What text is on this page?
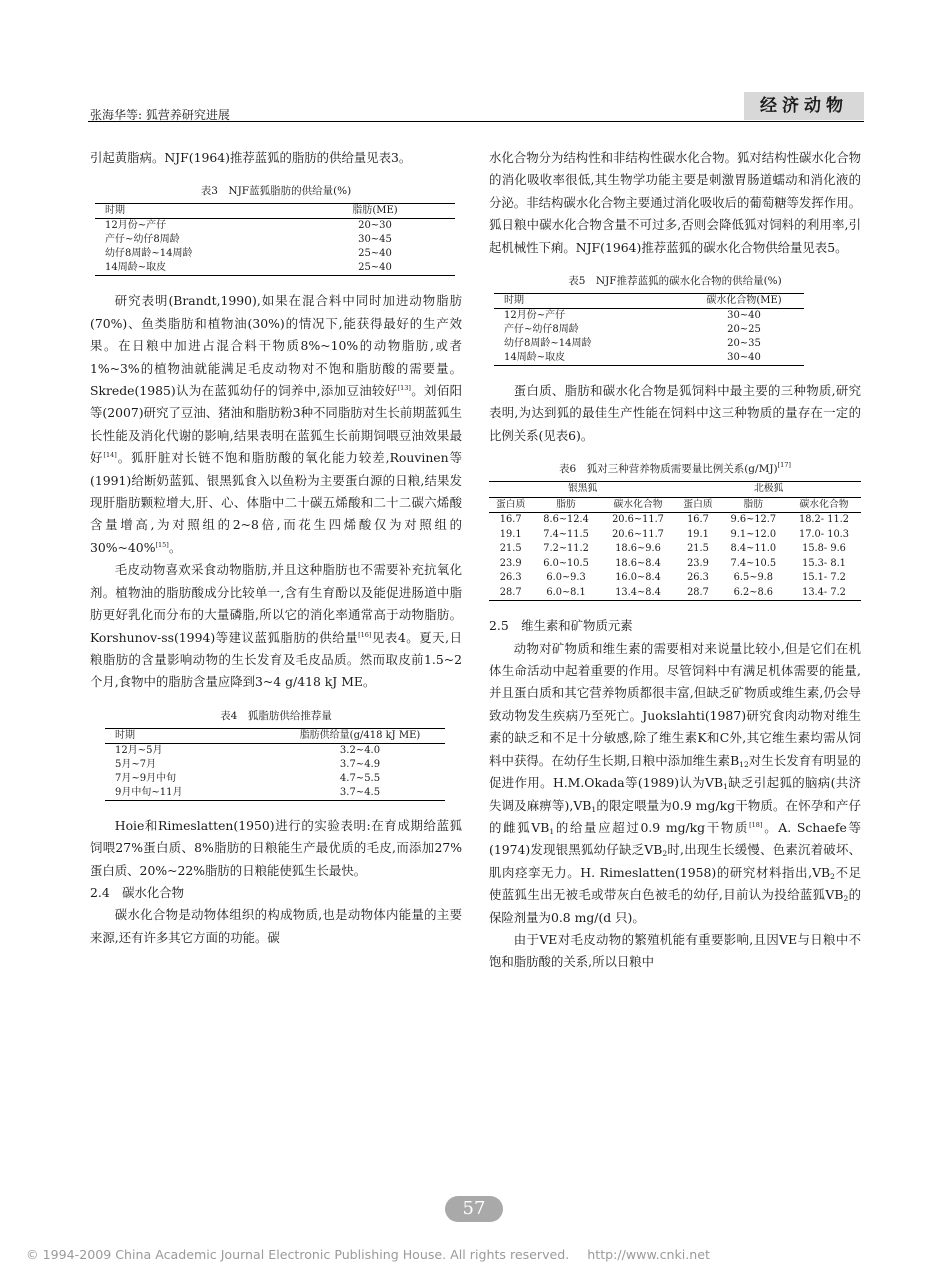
张海华等: 狐营养研究进展	经济动物

引起黄脂病。NJF(1964)推荐蓝狐的脂肪的供给量见表3。

表3　NJF蓝狐脂肪的供给量(%)
时期	脂肪(ME)
12月份~产仔	20~30
产仔~幼仔8周龄	30~45
幼仔8周龄~14周龄	25~40
14周龄~取皮	25~40

研究表明(Brandt,1990),如果在混合料中同时加进动物脂肪(70%)、鱼类脂肪和植物油(30%)的情况下,能获得最好的生产效果。在日粮中加进占混合料干物质8%~10%的动物脂肪,或者1%~3%的植物油就能满足毛皮动物对不饱和脂肪酸的需要量。Skrede(1985)认为在蓝狐幼仔的饲养中,添加豆油较好[13]。刘佰阳等(2007)研究了豆油、猪油和脂肪粉3种不同脂肪对生长前期蓝狐生长性能及消化代谢的影响,结果表明在蓝狐生长前期饲喂豆油效果最好[14]。狐肝脏对长链不饱和脂肪酸的氧化能力较差,Rouvinen等(1991)给断奶蓝狐、银黑狐食入以鱼粉为主要蛋白源的日粮,结果发现肝脂肪颗粒增大,肝、心、体脂中二十碳五烯酸和二十二碳六烯酸含量增高,为对照组的2~8倍,而花生四烯酸仅为对照组的30%~40%[15]。

毛皮动物喜欢采食动物脂肪,并且这种脂肪也不需要补充抗氧化剂。植物油的脂肪酸成分比较单一,含有生育酚以及能促进肠道中脂肪更好乳化而分布的大量磷脂,所以它的消化率通常高于动物脂肪。Korshunov-ss(1994)等建议蓝狐脂肪的供给量[16]见表4。夏天,日粮脂肪的含量影响动物的生长发育及毛皮品质。然而取皮前1.5~2个月,食物中的脂肪含量应降到3~4 g/418 kJ ME。

表4　狐脂肪供给推荐量
时期	脂肪供给量(g/418 kJ ME)
12月~5月	3.2~4.0
5月~7月	3.7~4.9
7月~9月中旬	4.7~5.5
9月中旬~11月	3.7~4.5

Hoie和Rimeslatten(1950)进行的实验表明:在育成期给蓝狐饲喂27%蛋白质、8%脂肪的日粮能生产最优质的毛皮,而添加27%蛋白质、20%~22%脂肪的日粮能使狐生长最快。

2.4　碳水化合物

碳水化合物是动物体组织的构成物质,也是动物体内能量的主要来源,还有许多其它方面的功能。碳

水化合物分为结构性和非结构性碳水化合物。狐对结构性碳水化合物的消化吸收率很低,其生物学功能主要是刺激胃肠道蠕动和消化液的分泌。非结构碳水化合物主要通过消化吸收后的葡萄糖等发挥作用。狐日粮中碳水化合物含量不可过多,否则会降低狐对饲料的利用率,引起机械性下痢。NJF(1964)推荐蓝狐的碳水化合物供给量见表5。

表5　NJF推荐蓝狐的碳水化合物的供给量(%)
时期	碳水化合物(ME)
12月份~产仔	30~40
产仔~幼仔8周龄	20~25
幼仔8周龄~14周龄	20~35
14周龄~取皮	30~40

蛋白质、脂肪和碳水化合物是狐饲料中最主要的三种物质,研究表明,为达到狐的最佳生产性能在饲料中这三种物质的量存在一定的比例关系(见表6)。

表6　狐对三种营养物质需要量比例关系(g/MJ)[17]
银黑狐			北极狐		
蛋白质	脂肪	碳水化合物	蛋白质	脂肪	碳水化合物
16.7	8.6~12.4	20.6~11.7	16.7	9.6~12.7	18.2- 11.2
19.1	7.4~11.5	20.6~11.7	19.1	9.1~12.0	17.0- 10.3
21.5	7.2~11.2	18.6~9.6	21.5	8.4~11.0	15.8- 9.6
23.9	6.0~10.5	18.6~8.4	23.9	7.4~10.5	15.3- 8.1
26.3	6.0~9.3	16.0~8.4	26.3	6.5~9.8	15.1- 7.2
28.7	6.0~8.1	13.4~8.4	28.7	6.2~8.6	13.4- 7.2

2.5　维生素和矿物质元素

动物对矿物质和维生素的需要相对来说量比较小,但是它们在机体生命活动中起着重要的作用。尽管饲料中有满足机体需要的能量,并且蛋白质和其它营养物质都很丰富,但缺乏矿物质或维生素,仍会导致动物发生疾病乃至死亡。Juokslahti(1987)研究食肉动物对维生素的缺乏和不足十分敏感,除了维生素K和C外,其它维生素均需从饲料中获得。在幼仔生长期,日粮中添加维生素$B_{12}$对生长发育有明显的促进作用。H.M.Okada等(1989)认为$VB_1$缺乏引起狐的脑病(共济失调及麻痹等)$,VB_1$的限定喂量为0.9 mg/kg干物质。在怀孕和产仔的雌狐$VB_1$的给量应超过0.9 mg/kg干物质[18]。A. Schaefe等(1974)发现银黑狐幼仔缺乏$VB_2$时,出现生长缓慢、色素沉着破坏、肌肉痉挛无力。H. Rimeslatten(1958)的研究材料指出$,VB_2$不足使蓝狐生出无被毛或带灰白色被毛的幼仔,目前认为投给蓝狐$VB_2$的保险剂量为0.8 mg/(d 只)。

由于VE对毛皮动物的繁殖机能有重要影响,且因VE与日粮中不饱和脂肪酸的关系,所以日粮中

57
© 1994-2009 China Academic Journal Electronic Publishing House. All rights reserved. http://www.cnki.net
